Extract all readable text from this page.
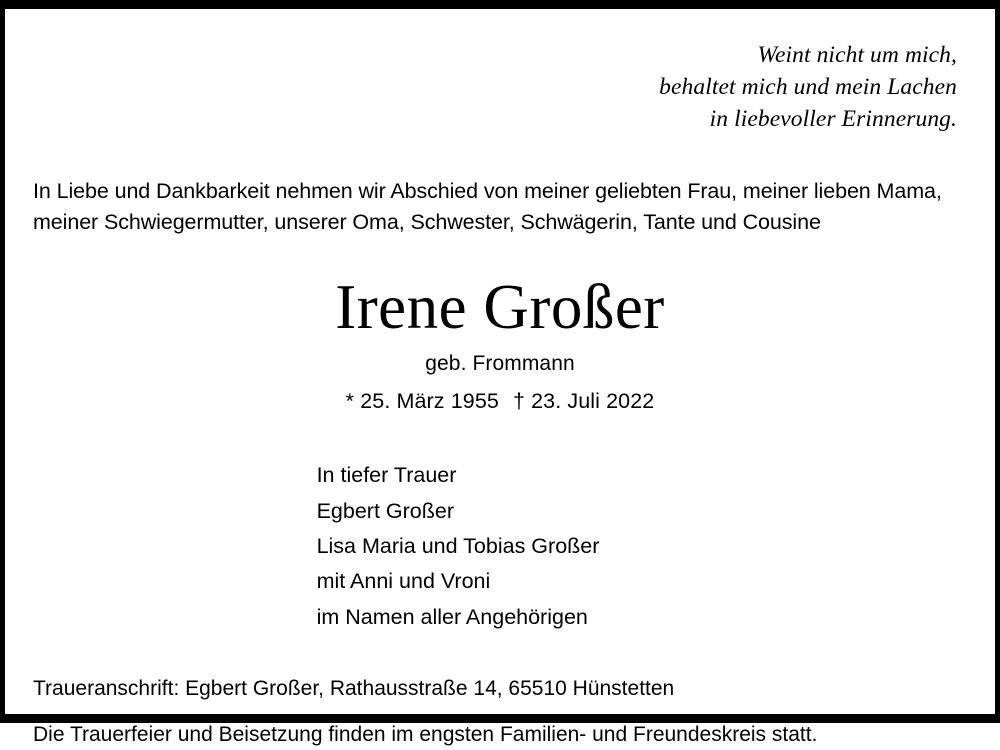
Weint nicht um mich,
behaltet mich und mein Lachen
in liebevoller Erinnerung.
In Liebe und Dankbarkeit nehmen wir Abschied von meiner geliebten Frau, meiner lieben Mama,
meiner Schwiegermutter, unserer Oma, Schwester, Schwägerin, Tante und Cousine
Irene Großer
geb. Frommann
* 25. März 1955 † 23. Juli 2022
In tiefer Trauer
Egbert Großer
Lisa Maria und Tobias Großer
mit Anni und Vroni
im Namen aller Angehörigen
Traueranschrift: Egbert Großer, Rathausstraße 14, 65510 Hünstetten
Die Trauerfeier und Beisetzung finden im engsten Familien- und Freundeskreis statt.
